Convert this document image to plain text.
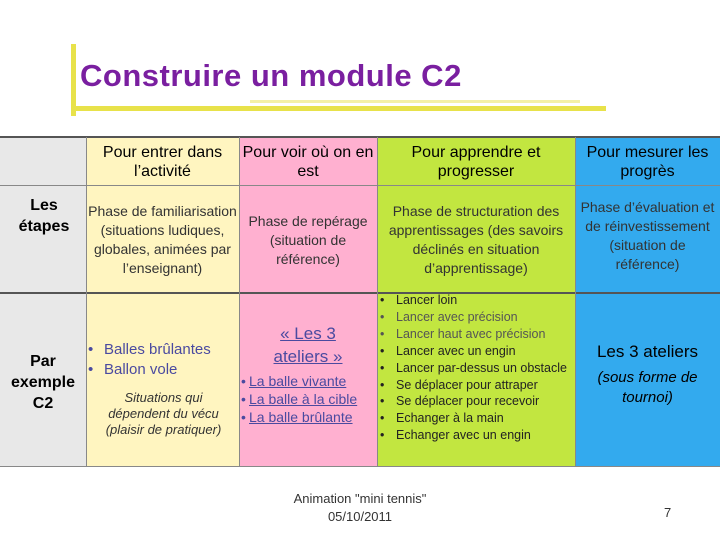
Construire un module C2
Pour entrer dans l’activité
Pour voir où on en est
Pour apprendre et progresser
Pour mesurer les progrès
Les étapes
Phase de familiarisation (situations ludiques, globales, animées par l’enseignant)
Phase de repérage (situation de référence)
Phase de structuration des apprentissages (des savoirs déclinés en situation d’apprentissage)
Phase d’évaluation et de réinvestissement (situation de référence)
Par exemple C2
• Balles brûlantes
• Ballon vole
Situations qui dépendent du vécu (plaisir de pratiquer)
« Les 3 ateliers »
• La balle vivante
• La balle à la cible
• La balle brûlante
• Lancer loin
• Lancer avec précision
• Lancer haut avec précision
• Lancer avec un engin
• Lancer par-dessus un obstacle
• Se déplacer pour attraper
• Se déplacer pour recevoir
• Echanger à la main
• Echanger avec un engin
Les 3 ateliers
(sous forme de tournoi)
Animation "mini tennis"
05/10/2011	7
